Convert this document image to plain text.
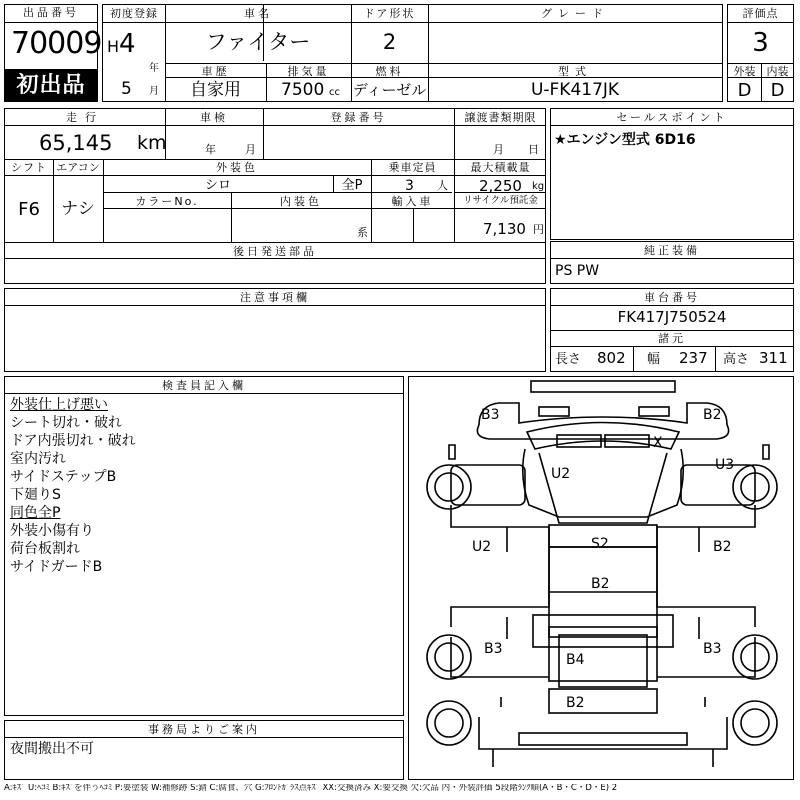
出品番号
70009
初出品
初度登録
H 4
年
5 月
車名
ファイター
ドア形状
2
グレード
車歴
自家用
排気量
7500 cc
燃料
ディーゼル
型式
U-FK417JK
評価点
3
外装	内装
D	D
走行
65,145 km
車検
年	月
登録番号	譲渡書類期限
月 日
シフト
F6
エアコン
ナシ
外装色
シロ	全P
乗車定員
3 人
最大積載量
2,250 kg
カラーNo.	内装色
系
輸入車	リサイクル預託金
7,130 円
後日発送部品
セールスポイント
★エンジン型式 6D16
純正装備
PS PW
注意事項欄	車台番号
FK417J750524
諸元
長さ 802 幅 237 高さ 311
検査員記入欄
外装仕上げ悪い
シート切れ・破れ
ドア内張切れ・破れ
室内汚れ
サイドステップB
下廻りS
同色全P
外装小傷有り
荷台板割れ
サイドガードB
事務局よりご案内
夜間搬出不可
B3	B2
X
U2
U3
U2	S2	B2
B2
B3	B3
B4
B2
A:ｷｽﾞ U:ﾍｺﾐ B:ｷｽﾞを伴うﾍｺﾐ P:要塗装 W:補修跡 S:錆 C:腐食、穴 G:ﾌﾛﾝﾄｶﾞﾗｽ点ｷｽﾞ XX:交換済み X:要交換 欠:欠品 内・外装評価 5段階ﾗﾝｸ順(A・B・C・D・E) 2
